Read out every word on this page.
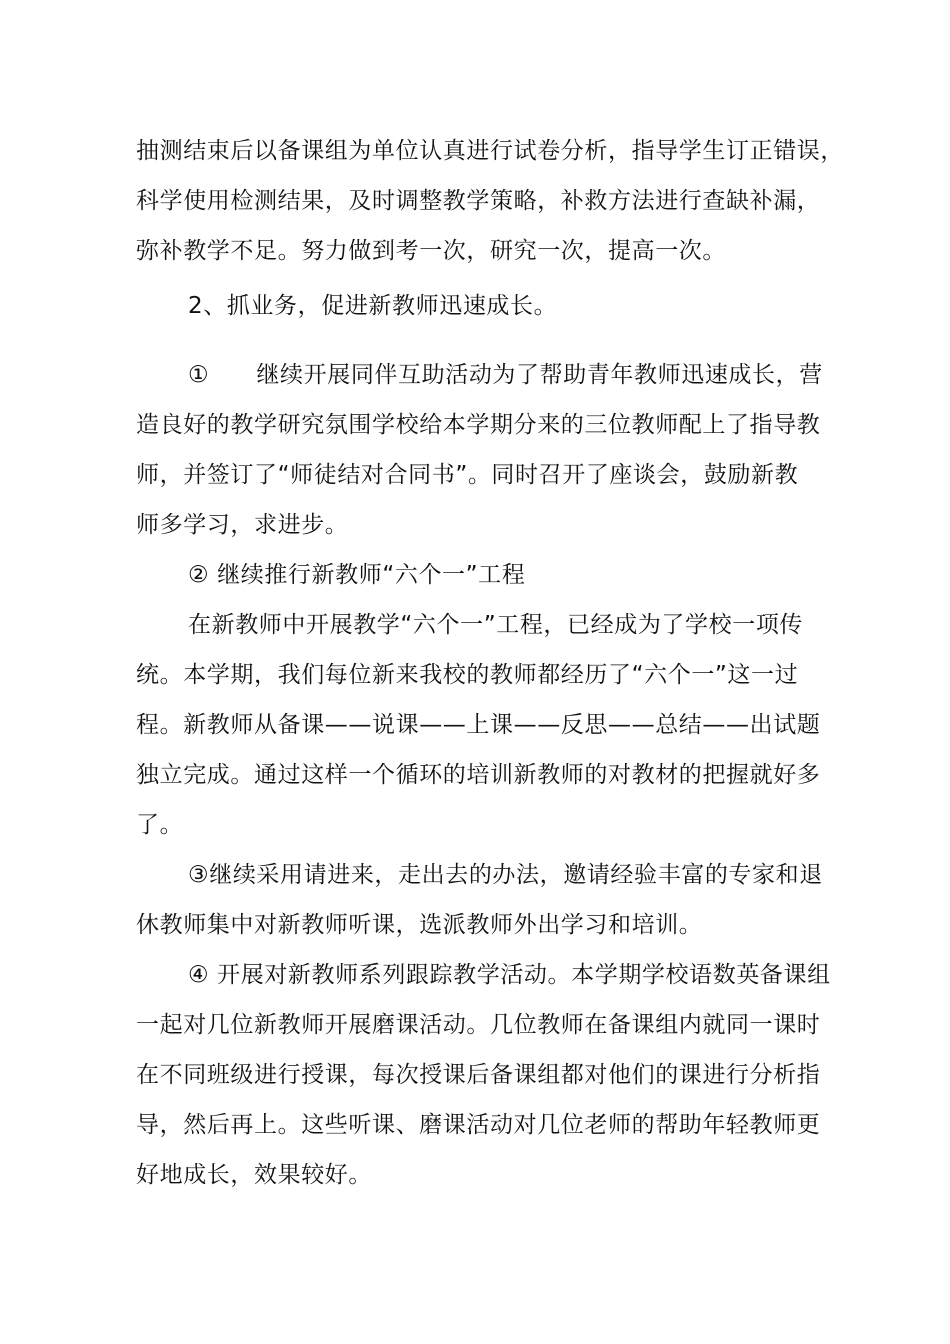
抽测结束后以备课组为单位认真进行试卷分析，指导学生订正错误，
科学使用检测结果，及时调整教学策略，补救方法进行查缺补漏，
弥补教学不足。努力做到考一次，研究一次，提高一次。
2、抓业务，促进新教师迅速成长。
①　　继续开展同伴互助活动为了帮助青年教师迅速成长，营
造良好的教学研究氛围学校给本学期分来的三位教师配上了指导教
师，并签订了“师徒结对合同书”。同时召开了座谈会，鼓励新教
师多学习，求进步。
② 继续推行新教师“六个一”工程
在新教师中开展教学“六个一”工程，已经成为了学校一项传
统。本学期，我们每位新来我校的教师都经历了“六个一”这一过
程。新教师从备课——说课——上课——反思——总结——出试题
独立完成。通过这样一个循环的培训新教师的对教材的把握就好多
了。
③继续采用请进来，走出去的办法，邀请经验丰富的专家和退
休教师集中对新教师听课，选派教师外出学习和培训。
④ 开展对新教师系列跟踪教学活动。本学期学校语数英备课组
一起对几位新教师开展磨课活动。几位教师在备课组内就同一课时
在不同班级进行授课，每次授课后备课组都对他们的课进行分析指
导，然后再上。这些听课、磨课活动对几位老师的帮助年轻教师更
好地成长，效果较好。
